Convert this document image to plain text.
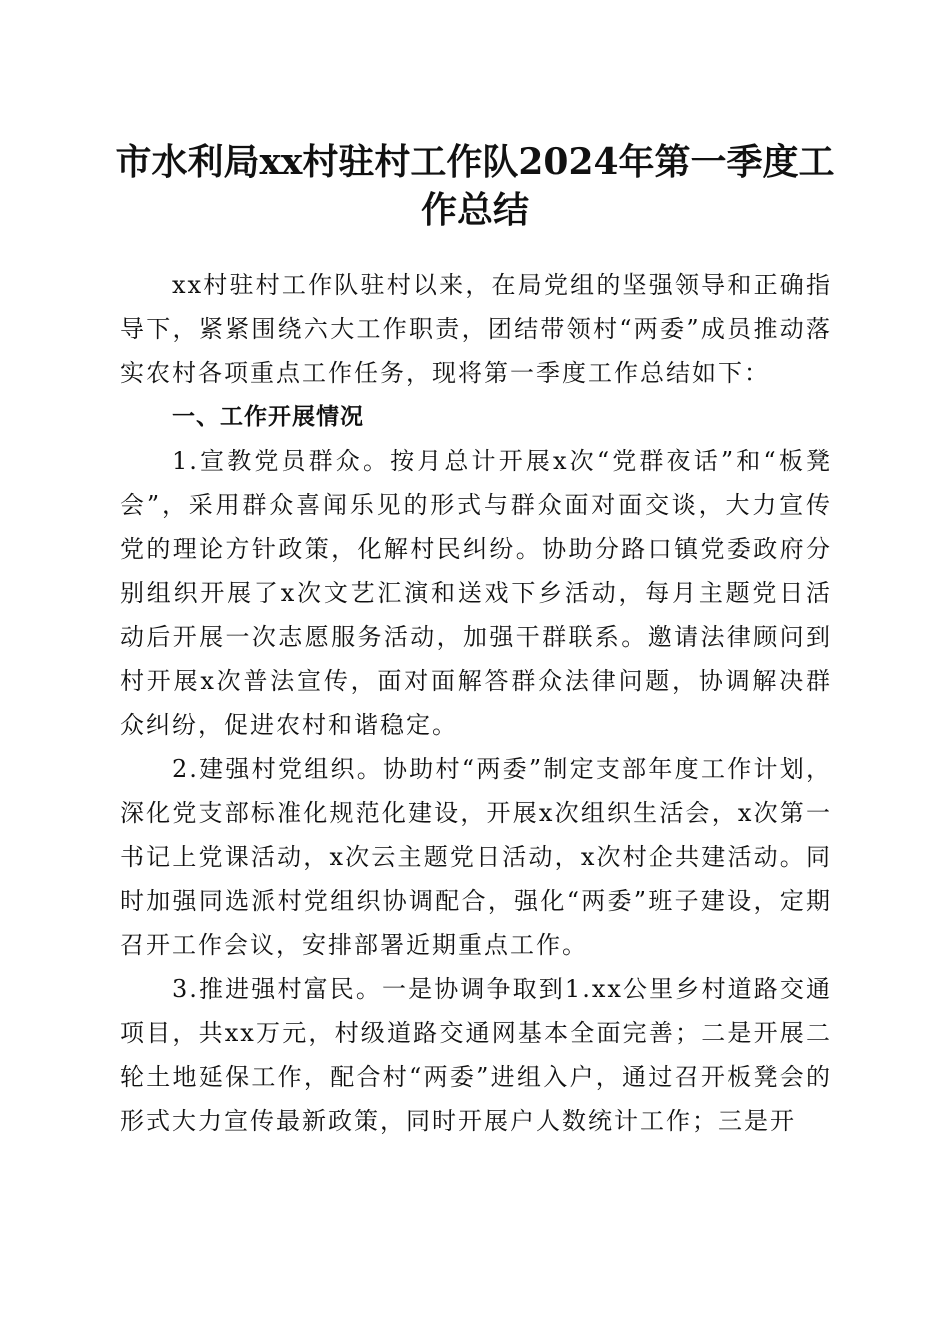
市水利局xx村驻村工作队2024年第一季度工作总结

xx村驻村工作队驻村以来，在局党组的坚强领导和正确指导下，紧紧围绕六大工作职责，团结带领村“两委”成员推动落实农村各项重点工作任务，现将第一季度工作总结如下：

一、工作开展情况

1.宣教党员群众。按月总计开展x次“党群夜话”和“板凳会”，采用群众喜闻乐见的形式与群众面对面交谈，大力宣传党的理论方针政策，化解村民纠纷。协助分路口镇党委政府分别组织开展了x次文艺汇演和送戏下乡活动，每月主题党日活动后开展一次志愿服务活动，加强干群联系。邀请法律顾问到村开展x次普法宣传，面对面解答群众法律问题，协调解决群众纠纷，促进农村和谐稳定。

2.建强村党组织。协助村“两委”制定支部年度工作计划，深化党支部标准化规范化建设，开展x次组织生活会，x次第一书记上党课活动，x次云主题党日活动，x次村企共建活动。同时加强同选派村党组织协调配合，强化“两委”班子建设，定期召开工作会议，安排部署近期重点工作。

3.推进强村富民。一是协调争取到1.xx公里乡村道路交通项目，共xx万元，村级道路交通网基本全面完善；二是开展二轮土地延保工作，配合村“两委”进组入户，通过召开板凳会的形式大力宣传最新政策，同时开展户人数统计工作；三是开
